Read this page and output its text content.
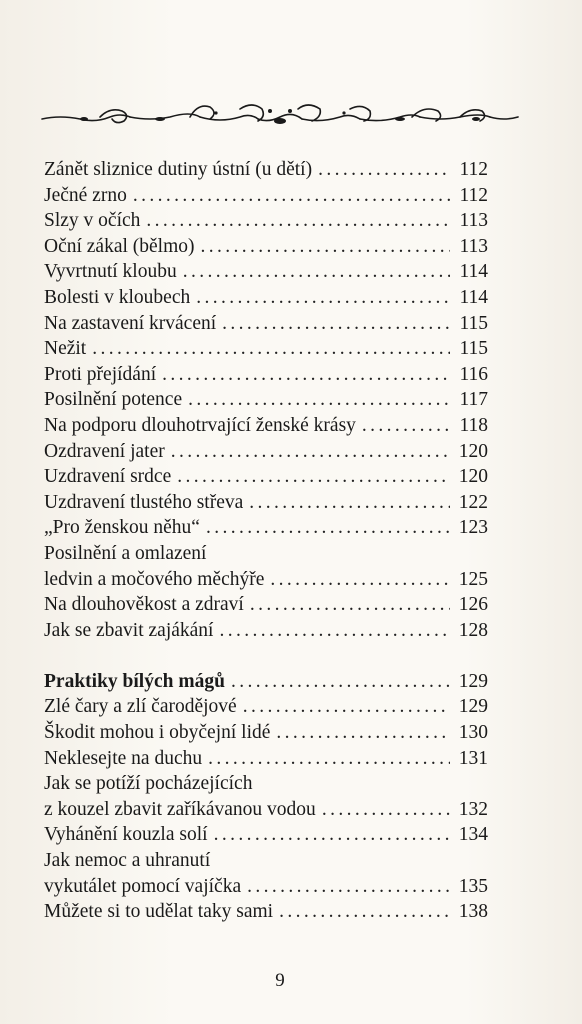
Zánět sliznice dutiny ústní (u dětí) . . .	112
Ječné zrno . . .	112
Slzy v očích . . .	113
Oční zákal (bělmo) . . .	113
Vyvrtnutí kloubu . . .	114
Bolesti v kloubech . . .	114
Na zastavení krvácení . . .	115
Nežit . . .	115
Proti přejídání . . .	116
Posilnění potence . . .	117
Na podporu dlouhotrvající ženské krásy . . .	118
Ozdravení jater . . .	120
Uzdravení srdce . . .	120
Uzdravení tlustého střeva . . .	122
„Pro ženskou něhu“ . . .	123
Posilnění a omlazení
ledvin a močového měchýře . . .	125
Na dlouhověkost a zdraví . . .	126
Jak se zbavit zajákání . . .	128
Praktiky bílých mágů . . .	129
Zlé čary a zlí čarodějové . . .	129
Škodit mohou i obyčejní lidé . . .	130
Neklesejte na duchu . . .	131
Jak se potíží pocházejících
z kouzel zbavit zaříkávanou vodou . . .	132
Vyhánění kouzla solí . . .	134
Jak nemoc a uhranutí
vykutálet pomocí vajíčka . . .	135
Můžete si to udělat taky sami . . .	138
9
